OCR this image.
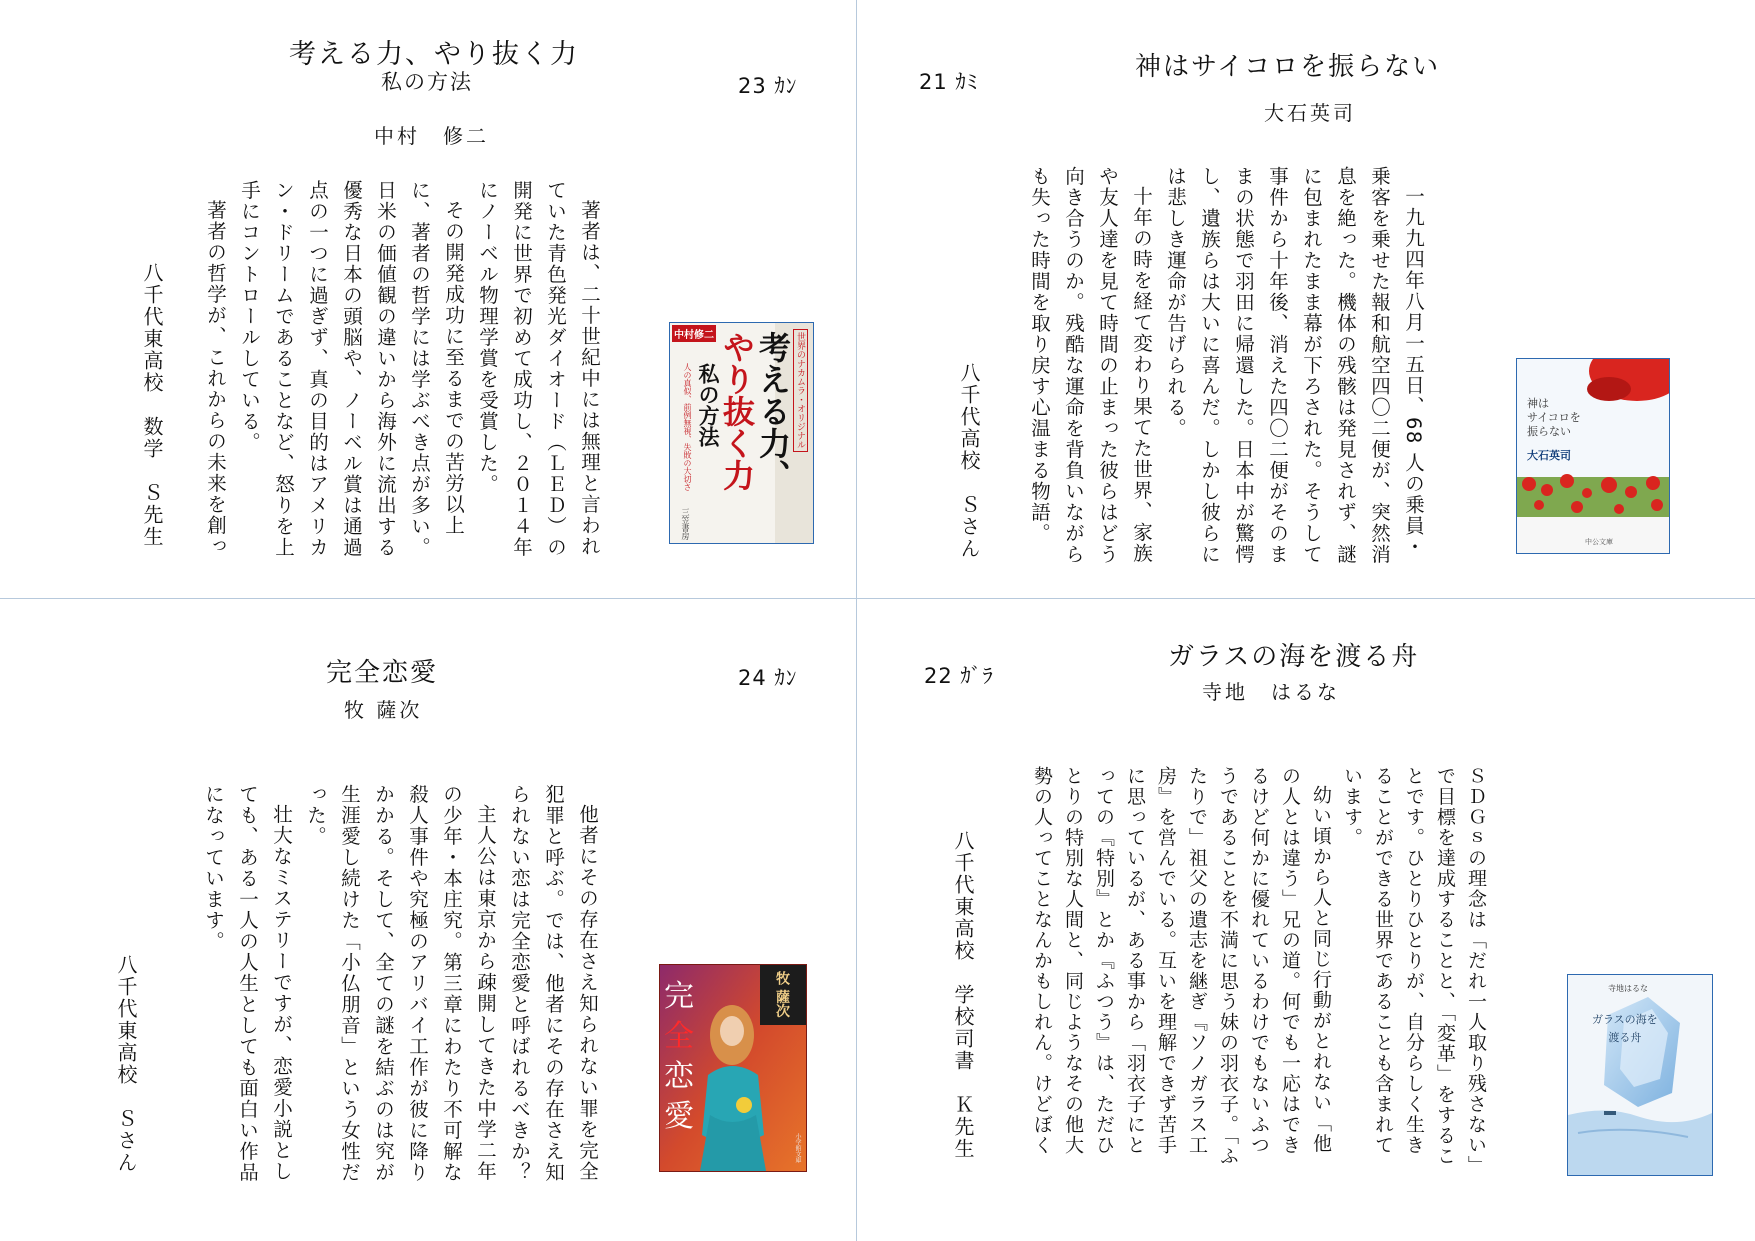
考える力、やり抜く力
私の方法	23 ｶﾝ
中村　修二

著者は、二十世紀中には無理と言われていた青色発光ダイオード（ＬＥＤ）の開発に世界で初めて成功し、２０１４年にノーベル物理学賞を受賞した。

その開発成功に至るまでの苦労以上に、著者の哲学には学ぶべき点が多い。日米の価値観の違いから海外に流出する優秀な日本の頭脳や、ノーベル賞は通過点の一つに過ぎず、真の目的はアメリカン・ドリームであることなど、怒りを上手にコントロールしている。

著者の哲学が、これからの未来を創っ

八千代東高校　数学　Ｓ先生	中村修二	世界のナカムラ・オリジナル
考える力、
やり抜く力
私の方法
人の真似、前例無視、失敗の大切さ
三笠書房
神はサイコロを振らない
21 ｶﾐ
大石英司

一九九四年八月一五日、68 人の乗員・乗客を乗せた報和航空四〇二便が、突然消息を絶った。機体の残骸は発見されず、謎に包まれたまま幕が下ろされた。そうして事件から十年後、消えた四〇二便がそのままの状態で羽田に帰還した。日本中が驚愕し、遺族らは大いに喜んだ。しかし彼らには悲しき運命が告げられる。

十年の時を経て変わり果てた世界、家族や友人達を見て時間の止まった彼らはどう向き合うのか。残酷な運命を背負いながらも失った時間を取り戻す心温まる物語。

八千代高校　Ｓさん	神は
サイコロを
振らない
大石英司
中公文庫
完全恋愛	24 ｶﾝ
牧 薩次

他者にその存在さえ知られない罪を完全犯罪と呼ぶ。では、他者にその存在さえ知られない恋は完全恋愛と呼ばれるべきか？

主人公は東京から疎開してきた中学二年の少年・本庄究。第三章にわたり不可解な殺人事件や究極のアリバイ工作が彼に降りかかる。そして、全ての謎を結ぶのは究が生涯愛し続けた「小仏朋音」という女性だった。

壮大なミステリーですが、恋愛小説としても、ある一人の人生としても面白い作品になっています。

八千代東高校　Ｓさん	完
全
恋
愛
牧 薩次
小学館文庫
ガラスの海を渡る舟
22 ｶﾞﾗ
寺地　はるな

ＳＤＧｓの理念は「だれ一人取り残さない」で目標を達成することと、「変革」をすることです。ひとりひとりが、自分らしく生きることができる世界であることも含まれています。

幼い頃から人と同じ行動がとれない「他の人とは違う」兄の道。何でも一応はできるけど何かに優れているわけでもないふつうであることを不満に思う妹の羽衣子。「ふたりで」祖父の遺志を継ぎ『ソノガラス工房』を営んでいる。互いを理解できず苦手に思っているが、ある事から「羽衣子にとっての『特別』とか『ふつう』は、ただひとりの特別な人間と、同じようなその他大勢の人ってことなんかもしれん。けどぼく

八千代東高校　学校司書　Ｋ先生	寺地はるな
ガラスの海を
渡る舟
